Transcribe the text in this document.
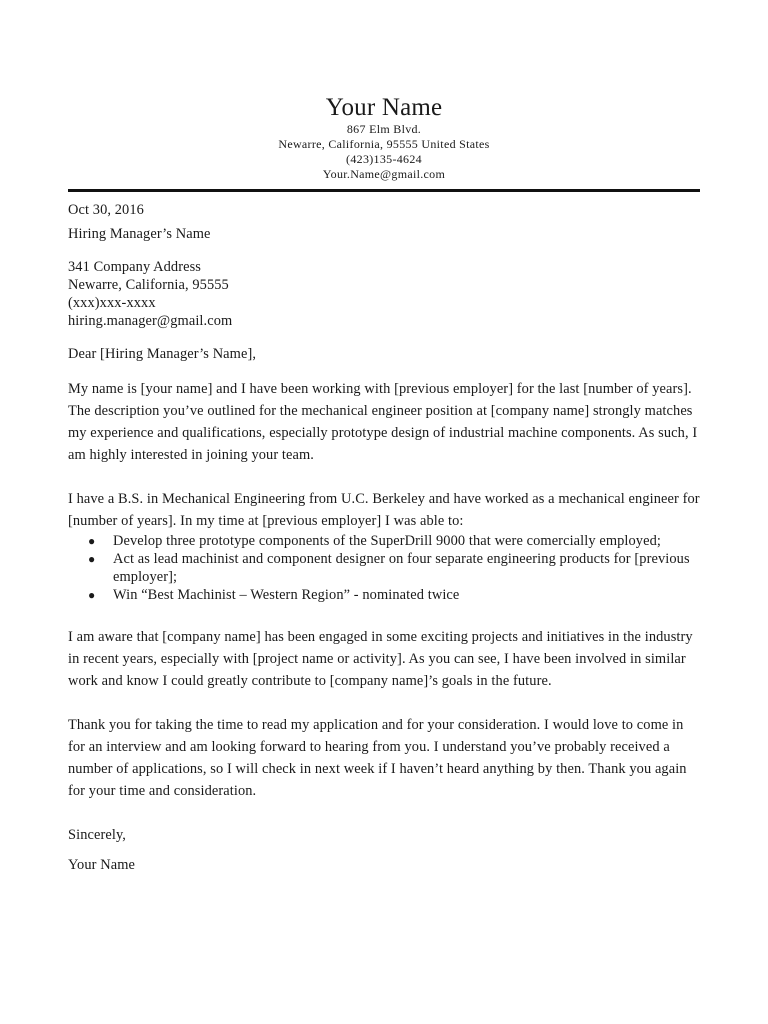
Your Name
867 Elm Blvd.
Newarre, California, 95555 United States
(423)135-4624
Your.Name@gmail.com

Oct 30, 2016

Hiring Manager’s Name

341 Company Address
Newarre, California, 95555
(xxx)xxx-xxxx
hiring.manager@gmail.com

Dear [Hiring Manager’s Name],

My name is [your name] and I have been working with [previous employer] for the last [number of years]. The description you’ve outlined for the mechanical engineer position at [company name] strongly matches my experience and qualifications, especially prototype design of industrial machine components. As such, I am highly interested in joining your team.

I have a B.S. in Mechanical Engineering from U.C. Berkeley and have worked as a mechanical engineer for [number of years]. In my time at [previous employer] I was able to:

● Develop three prototype components of the SuperDrill 9000 that were comercially employed;
● Act as lead machinist and component designer on four separate engineering products for [previous employer];
● Win “Best Machinist – Western Region” - nominated twice

I am aware that [company name] has been engaged in some exciting projects and initiatives in the industry in recent years, especially with [project name or activity]. As you can see, I have been involved in similar work and know I could greatly contribute to [company name]’s goals in the future.

Thank you for taking the time to read my application and for your consideration. I would love to come in for an interview and am looking forward to hearing from you. I understand you’ve probably received a number of applications, so I will check in next week if I haven’t heard anything by then. Thank you again for your time and consideration.

Sincerely,

Your Name
